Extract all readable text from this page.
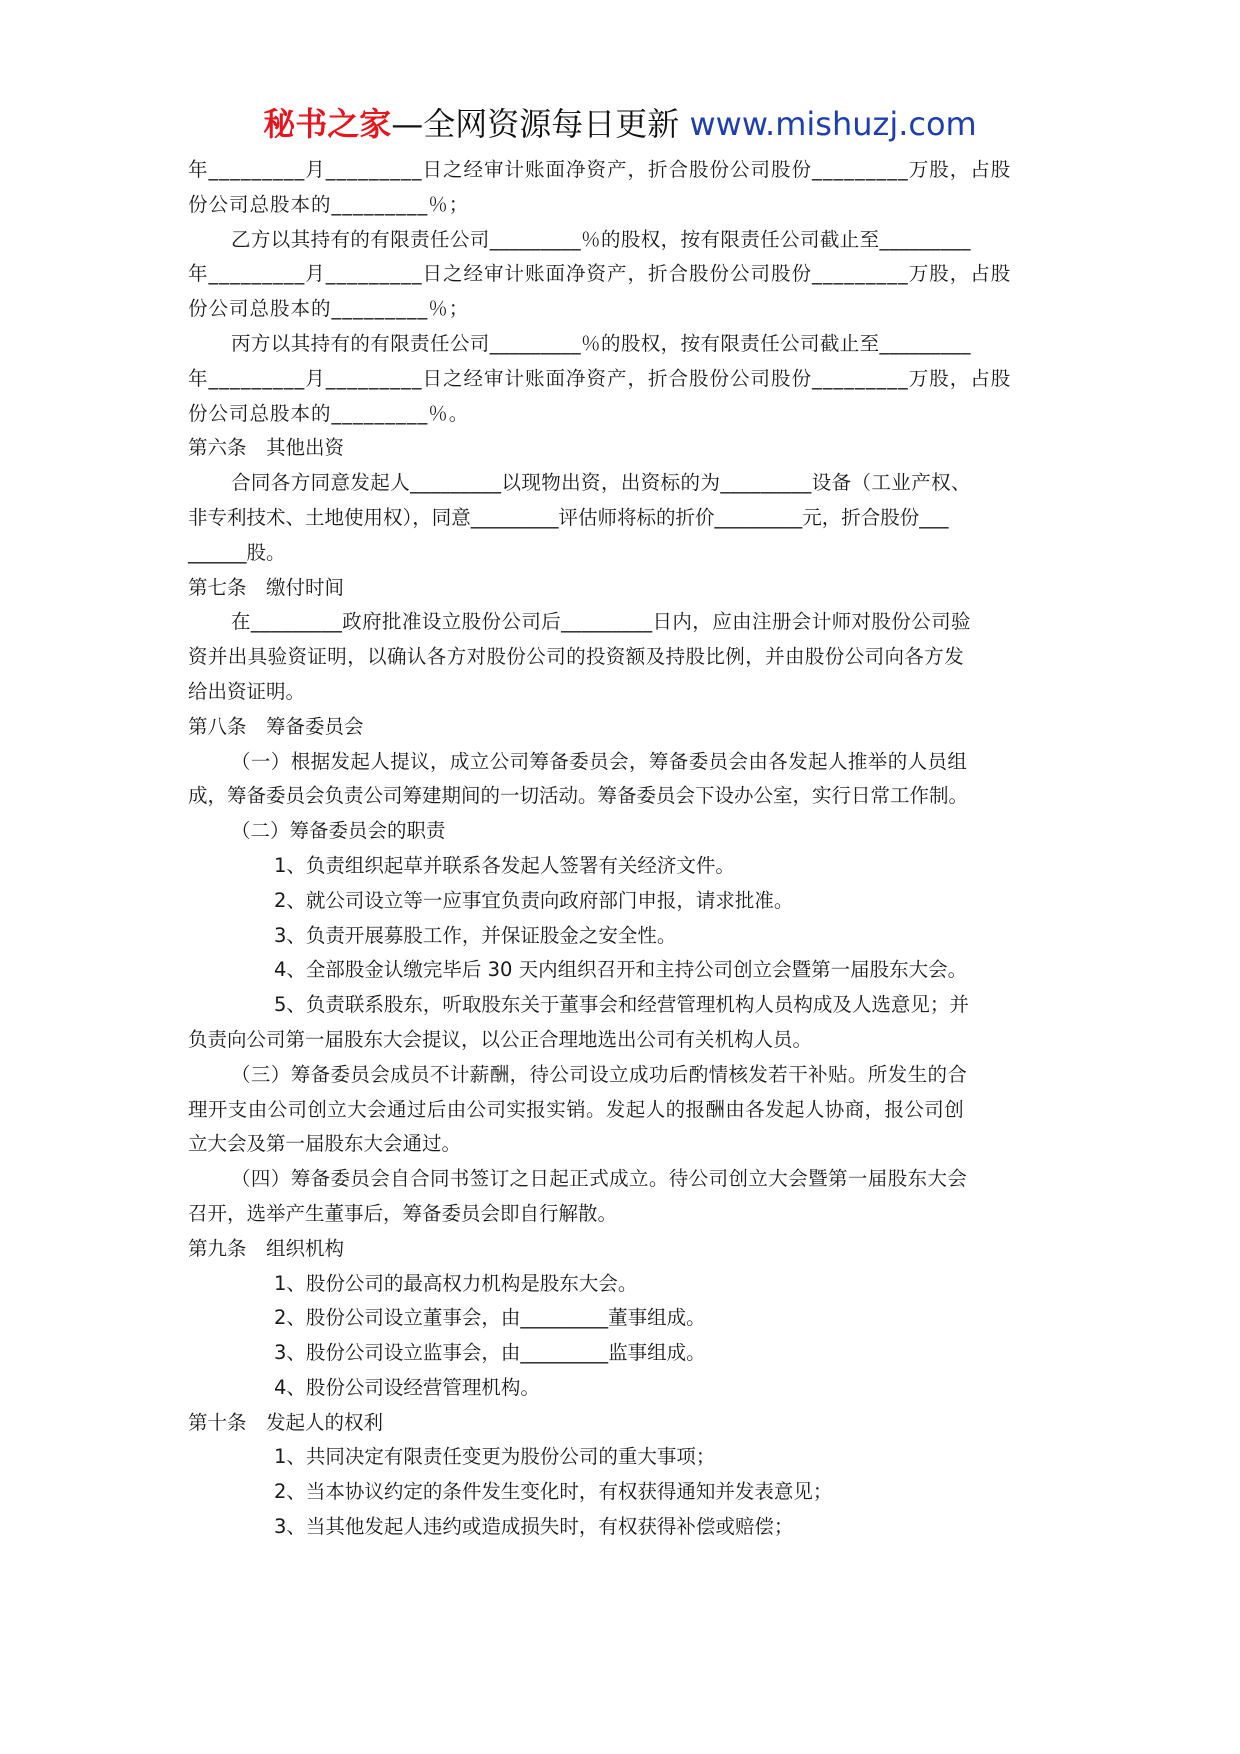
秘书之家—全网资源每日更新 www.mishuzj.com

年_________月_________日之经审计账面净资产，折合股份公司股份_________万股，占股

份公司总股本的_________％；

乙方以其持有的有限责任公司_________％的股权，按有限责任公司截止至_________

年_________月_________日之经审计账面净资产，折合股份公司股份_________万股，占股

份公司总股本的_________％；

丙方以其持有的有限责任公司_________％的股权，按有限责任公司截止至_________

年_________月_________日之经审计账面净资产，折合股份公司股份_________万股，占股

份公司总股本的_________％。

第六条　其他出资

合同各方同意发起人_________以现物出资，出资标的为_________设备（工业产权、

非专利技术、土地使用权），同意_________评估师将标的折价_________元，折合股份___

______股。

第七条　缴付时间

在_________政府批准设立股份公司后_________日内，应由注册会计师对股份公司验

资并出具验资证明，以确认各方对股份公司的投资额及持股比例，并由股份公司向各方发

给出资证明。

第八条　筹备委员会

（一）根据发起人提议，成立公司筹备委员会，筹备委员会由各发起人推举的人员组

成，筹备委员会负责公司筹建期间的一切活动。筹备委员会下设办公室，实行日常工作制。

（二）筹备委员会的职责

1、负责组织起草并联系各发起人签署有关经济文件。

2、就公司设立等一应事宜负责向政府部门申报，请求批准。

3、负责开展募股工作，并保证股金之安全性。

4、全部股金认缴完毕后 30 天内组织召开和主持公司创立会暨第一届股东大会。

5、负责联系股东，听取股东关于董事会和经营管理机构人员构成及人选意见；并

负责向公司第一届股东大会提议，以公正合理地选出公司有关机构人员。

（三）筹备委员会成员不计薪酬，待公司设立成功后酌情核发若干补贴。所发生的合

理开支由公司创立大会通过后由公司实报实销。发起人的报酬由各发起人协商，报公司创

立大会及第一届股东大会通过。

（四）筹备委员会自合同书签订之日起正式成立。待公司创立大会暨第一届股东大会

召开，选举产生董事后，筹备委员会即自行解散。

第九条　组织机构

1、股份公司的最高权力机构是股东大会。

2、股份公司设立董事会，由_________董事组成。

3、股份公司设立监事会，由_________监事组成。

4、股份公司设经营管理机构。

第十条　发起人的权利

1、共同决定有限责任变更为股份公司的重大事项；

2、当本协议约定的条件发生变化时，有权获得通知并发表意见；

3、当其他发起人违约或造成损失时，有权获得补偿或赔偿；
